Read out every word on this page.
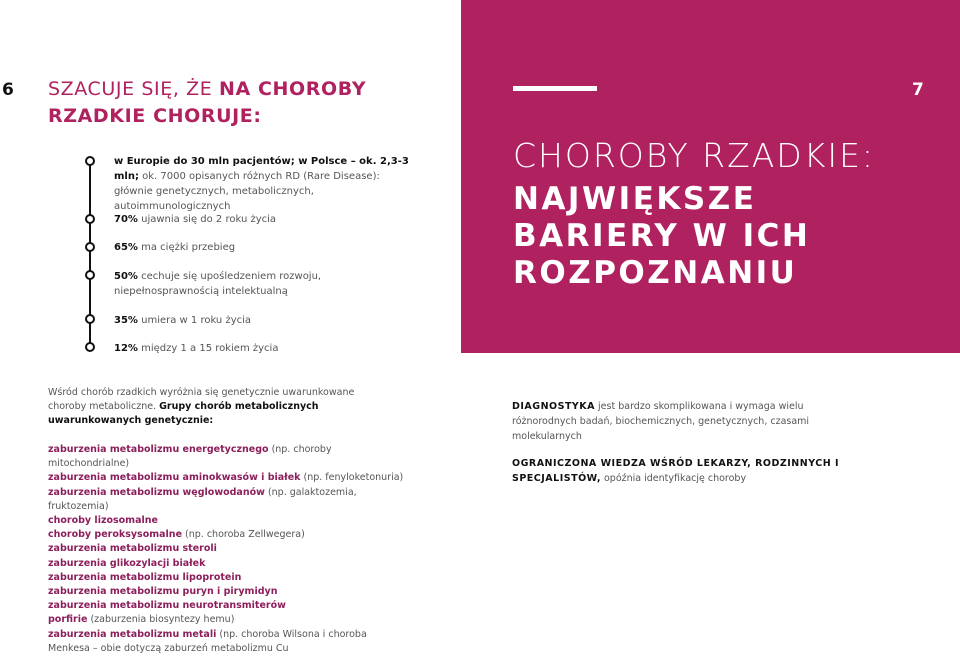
6 SZACUJE SIĘ, ŻE NA CHOROBY
RZADKIE CHORUJE:
w Europie do 30 mln pacjentów; w Polsce – ok. 2,3-3 mln; ok. 7000 opisanych różnych RD (Rare Disease): głównie genetycznych, metabolicznych, autoimmunologicznych
70% ujawnia się do 2 roku życia
65% ma ciężki przebieg
50% cechuje się upośledzeniem rozwoju, niepełnosprawnością intelektualną
35% umiera w 1 roku życia
12% między 1 a 15 rokiem życia
CHOROBY RZADKIE:
NAJWIĘKSZE
BARIERY W ICH
ROZPOZNANIU
7
Wśród chorób rzadkich wyróżnia się genetycznie uwarunkowane choroby metaboliczne. Grupy chorób metabolicznych uwarunkowanych genetycznie:
zaburzenia metabolizmu energetycznego (np. choroby mitochondrialne)
zaburzenia metabolizmu aminokwasów i białek (np. fenyloketonuria)
zaburzenia metabolizmu węglowodanów (np. galaktozemia, fruktozemia)
choroby lizosomalne
choroby peroksysomalne (np. choroba Zellwegera)
zaburzenia metabolizmu steroli
zaburzenia glikozylacji białek
zaburzenia metabolizmu lipoprotein
zaburzenia metabolizmu puryn i pirymidyn
zaburzenia metabolizmu neurotransmiterów
porfirie (zaburzenia biosyntezy hemu)
zaburzenia metabolizmu metali (np. choroba Wilsona i choroba Menkesa – obie dotyczą zaburzeń metabolizmu Cu
DIAGNOSTYKA jest bardzo skomplikowana i wymaga wielu różnorodnych badań, biochemicznych, genetycznych, czasami molekularnych
OGRANICZONA WIEDZA WŚRÓD LEKARZY, RODZINNYCH I SPECJALISTÓW, opóźnia identyfikację choroby
